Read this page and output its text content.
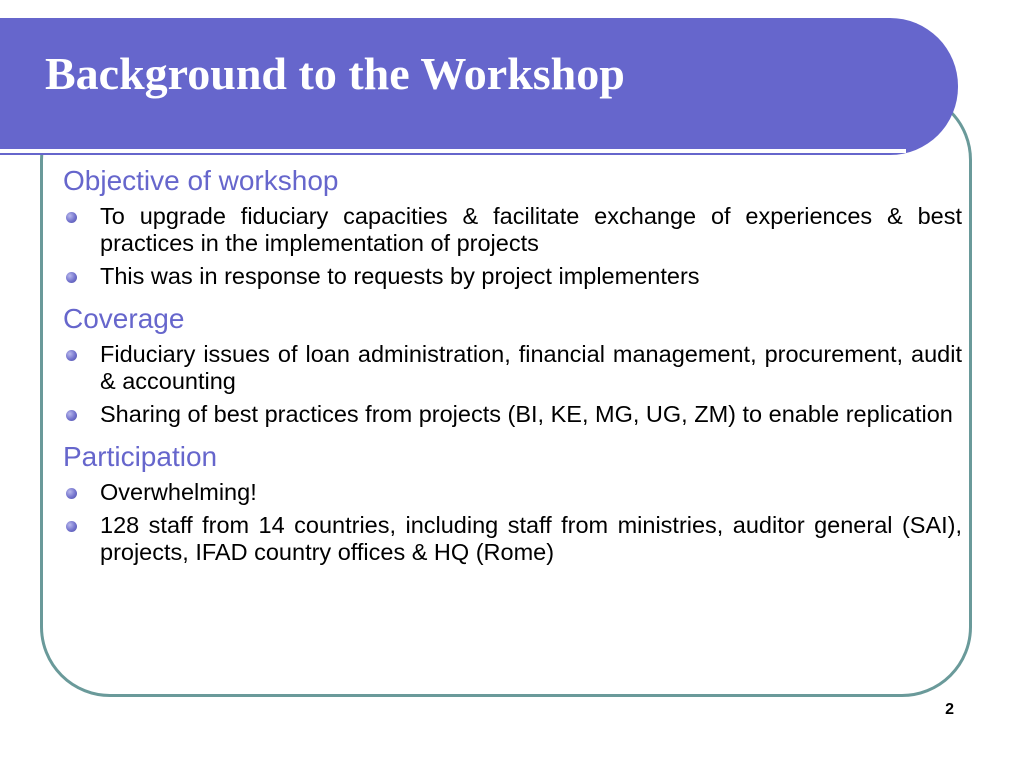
Background to the Workshop
Objective of workshop
To upgrade fiduciary capacities & facilitate exchange of experiences & best practices in the implementation of projects
This was in response to requests by project implementers
Coverage
Fiduciary issues of loan administration, financial management, procurement, audit & accounting
Sharing of best practices from projects (BI, KE, MG, UG, ZM) to enable replication
Participation
Overwhelming!
128 staff from 14 countries, including staff from ministries, auditor general (SAI), projects, IFAD country offices & HQ (Rome)
2
